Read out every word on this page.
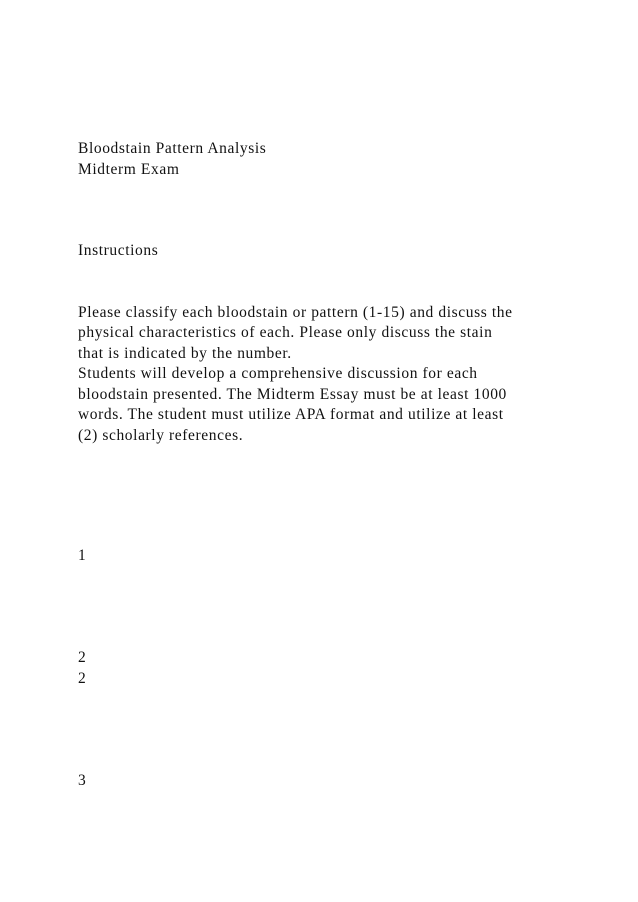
Bloodstain Pattern Analysis
Midterm Exam
Instructions
Please classify each bloodstain or pattern (1-15) and discuss the
physical characteristics of each. Please only discuss the stain
that is indicated by the number.
Students will develop a comprehensive discussion for each
bloodstain presented. The Midterm Essay must be at least 1000
words. The student must utilize APA format and utilize at least
(2) scholarly references.
1
2
2
3
